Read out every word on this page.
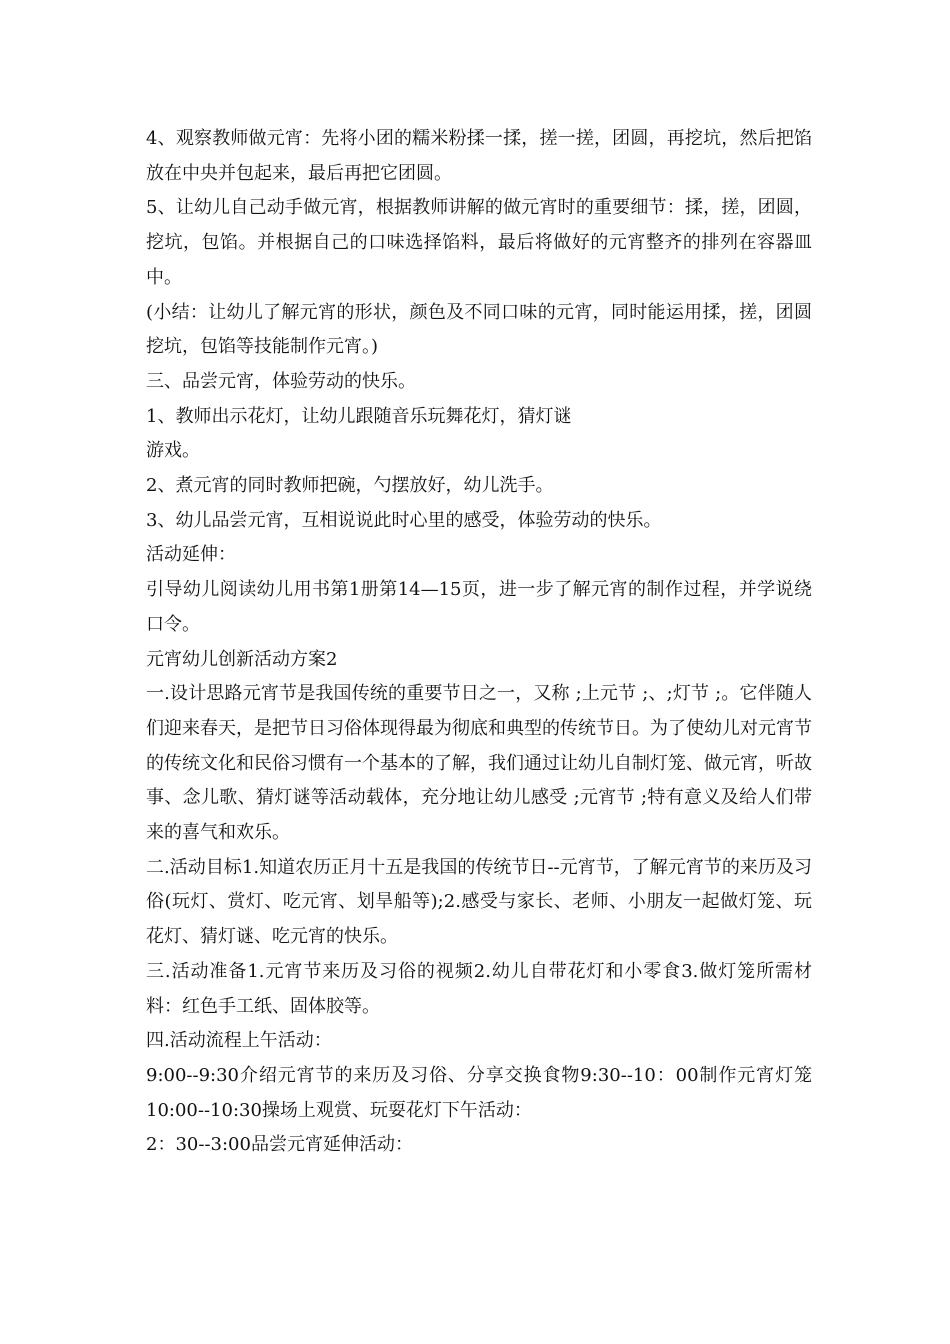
4、观察教师做元宵：先将小团的糯米粉揉一揉，搓一搓，团圆，再挖坑，然后把馅放在中央并包起来，最后再把它团圆。

5、让幼儿自己动手做元宵，根据教师讲解的做元宵时的重要细节：揉，搓，团圆，挖坑，包馅。并根据自己的口味选择馅料，最后将做好的元宵整齐的排列在容器皿中。

(小结：让幼儿了解元宵的形状，颜色及不同口味的元宵，同时能运用揉，搓，团圆挖坑，包馅等技能制作元宵。)

三、品尝元宵，体验劳动的快乐。

1、教师出示花灯，让幼儿跟随音乐玩舞花灯，猜灯谜

游戏。

2、煮元宵的同时教师把碗，勺摆放好，幼儿洗手。

3、幼儿品尝元宵，互相说说此时心里的感受，体验劳动的快乐。

活动延伸：

引导幼儿阅读幼儿用书第1册第14—15页，进一步了解元宵的制作过程，并学说绕口令。

元宵幼儿创新活动方案2

一.设计思路元宵节是我国传统的重要节日之一，又称 ;上元节 ;、;灯节 ;。它伴随人们迎来春天，是把节日习俗体现得最为彻底和典型的传统节日。为了使幼儿对元宵节的传统文化和民俗习惯有一个基本的了解，我们通过让幼儿自制灯笼、做元宵，听故事、念儿歌、猜灯谜等活动载体，充分地让幼儿感受 ;元宵节 ;特有意义及给人们带来的喜气和欢乐。

二.活动目标1.知道农历正月十五是我国的传统节日--元宵节，了解元宵节的来历及习俗(玩灯、赏灯、吃元宵、划旱船等);2.感受与家长、老师、小朋友一起做灯笼、玩花灯、猜灯谜、吃元宵的快乐。

三.活动准备1.元宵节来历及习俗的视频2.幼儿自带花灯和小零食3.做灯笼所需材料：红色手工纸、固体胶等。

四.活动流程上午活动：

9:00--9:30介绍元宵节的来历及习俗、分享交换食物9:30--10：00制作元宵灯笼10:00--10:30操场上观赏、玩耍花灯下午活动：

2：30--3:00品尝元宵延伸活动：
